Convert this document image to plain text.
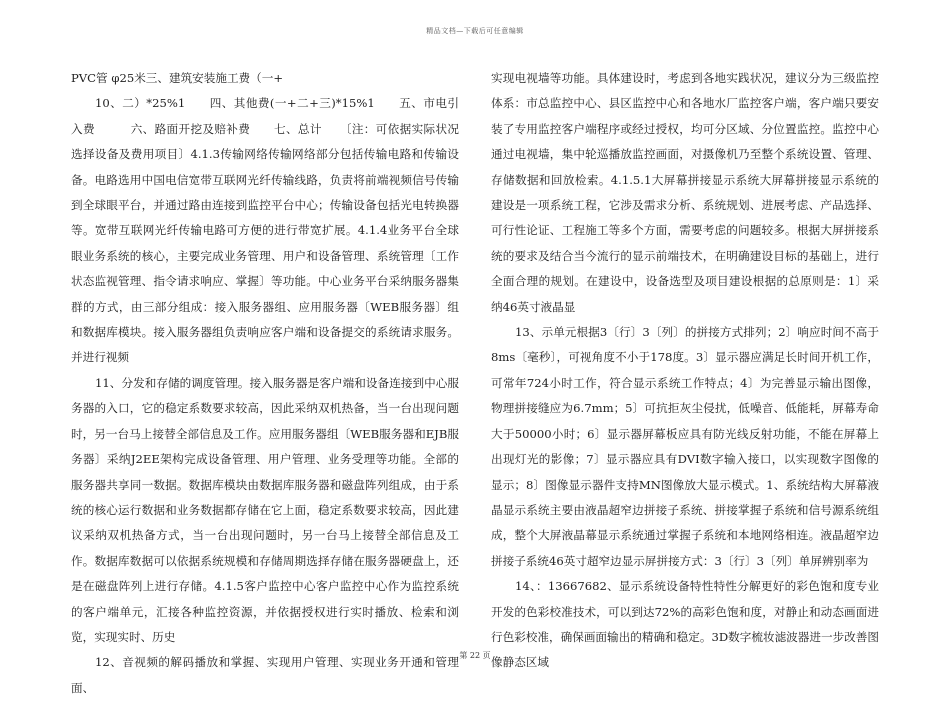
精品文档—下载后可任意编辑

PVC管 φ25米三、建筑安装施工费（一+

10、二）*25%1　　四、其他费(一+二+三)*15%1　　五、市电引入费　　　六、路面开挖及赔补费　　七、总计　　〔注：可依据实际状况选择设备及费用项目〕4.1.3传输网络传输网络部分包括传输电路和传输设备。电路选用中国电信宽带互联网光纤传输线路，负责将前端视频信号传输到全球眼平台，并通过路由连接到监控平台中心；传输设备包括光电转换器等。宽带互联网光纤传输电路可方便的进行带宽扩展。4.1.4业务平台全球眼业务系统的核心，主要完成业务管理、用户和设备管理、系统管理〔工作状态监视管理、指令请求响应、掌握〕等功能。中心业务平台采纳服务器集群的方式，由三部分组成：接入服务器组、应用服务器〔WEB服务器〕组和数据库模块。接入服务器组负责响应客户端和设备提交的系统请求服务。并进行视频

11、分发和存储的调度管理。接入服务器是客户端和设备连接到中心服务器的入口，它的稳定系数要求较高，因此采纳双机热备，当一台出现问题时，另一台马上接替全部信息及工作。应用服务器组〔WEB服务器和EJB服务器〕采纳J2EE架构完成设备管理、用户管理、业务受理等功能。全部的服务器共享同一数据。数据库模块由数据库服务器和磁盘阵列组成，由于系统的核心运行数据和业务数据都存储在它上面，稳定系数要求较高，因此建议采纳双机热备方式，当一台出现问题时，另一台马上接替全部信息及工作。数据库数据可以依据系统规模和存储周期选择存储在服务器硬盘上，还是在磁盘阵列上进行存储。4.1.5客户监控中心客户监控中心作为监控系统的客户端单元，汇接各种监控资源，并依据授权进行实时播放、检索和浏览，实现实时、历史

12、音视频的解码播放和掌握、实现用户管理、实现业务开通和管理面、

实现电视墙等功能。具体建设时，考虑到各地实践状况，建议分为三级监控体系：市总监控中心、县区监控中心和各地水厂监控客户端，客户端只要安装了专用监控客户端程序或经过授权，均可分区域、分位置监控。监控中心通过电视墙，集中轮巡播放监控画面，对摄像机乃至整个系统设置、管理、存储数据和回放检索。4.1.5.1大屏幕拼接显示系统大屏幕拼接显示系统的建设是一项系统工程，它涉及需求分析、系统规划、进展考虑、产品选择、可行性论证、工程施工等多个方面，需要考虑的问题较多。根据大屏拼接系统的要求及结合当今流行的显示前端技术，在明确建设目标的基础上，进行全面合理的规划。在建设中，设备选型及项目建设根据的总原则是：1〕采纳46英寸液晶显

13、示单元根据3〔行〕3〔列〕的拼接方式排列；2〕响应时间不高于8ms〔毫秒〕，可视角度不小于178度。3〕显示器应满足长时间开机工作，可常年724小时工作，符合显示系统工作特点；4〕为完善显示输出图像，物理拼接缝应为6.7mm；5〕可抗拒灰尘侵扰，低噪音、低能耗，屏幕寿命大于50000小时；6〕显示器屏幕板应具有防光线反射功能，不能在屏幕上出现灯光的影像；7〕显示器应具有DVI数字输入接口，以实现数字图像的显示；8〕图像显示器件支持MN图像放大显示模式。1、系统结构大屏幕液晶显示系统主要由液晶超窄边拼接子系统、拼接掌握子系统和信号源系统组成，整个大屏液晶幕显示系统通过掌握子系统和本地网络相连。液晶超窄边拼接子系统46英寸超窄边显示屏拼接方式：3〔行〕3〔列〕单屏辨别率为

14、：13667682、显示系统设备特性特性分解更好的彩色饱和度专业开发的色彩校准技术，可以到达72%的高彩色饱和度，对静止和动态画面进行色彩校准，确保画面输出的精确和稳定。3D数字梳妆滤波器进一步改善图像静态区域

第 22 页
